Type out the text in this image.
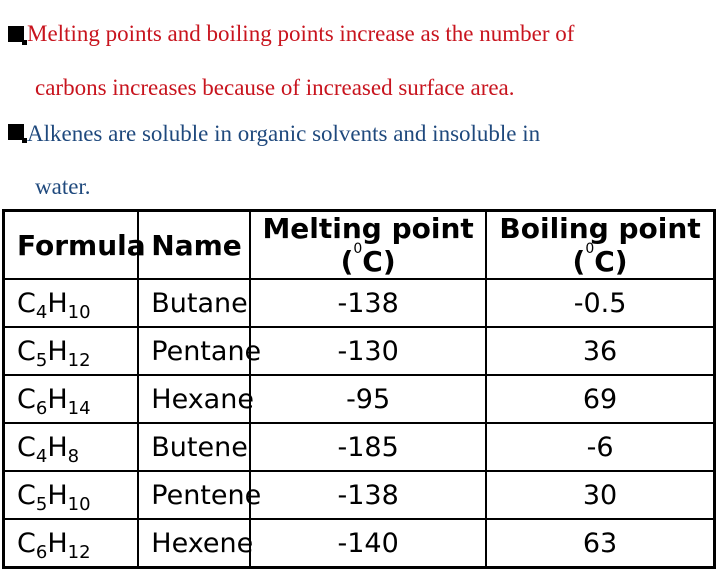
Melting points and boiling points increase as the number of
carbons increases because of increased surface area.
Alkenes are soluble in organic solvents and insoluble in
water.
Formula	Name	Melting point ($^0$C)	Boiling point ($^0$C)
$C_4H_{10}$	Butane	-138	-0.5
$C_5H_{12}$	Pentane	-130	36
$C_6H_{14}$	Hexane	-95	69
$C_4H_8$	Butene	-185	-6
$C_5H_{10}$	Pentene	-138	30
$C_6H_{12}$	Hexene	-140	63
